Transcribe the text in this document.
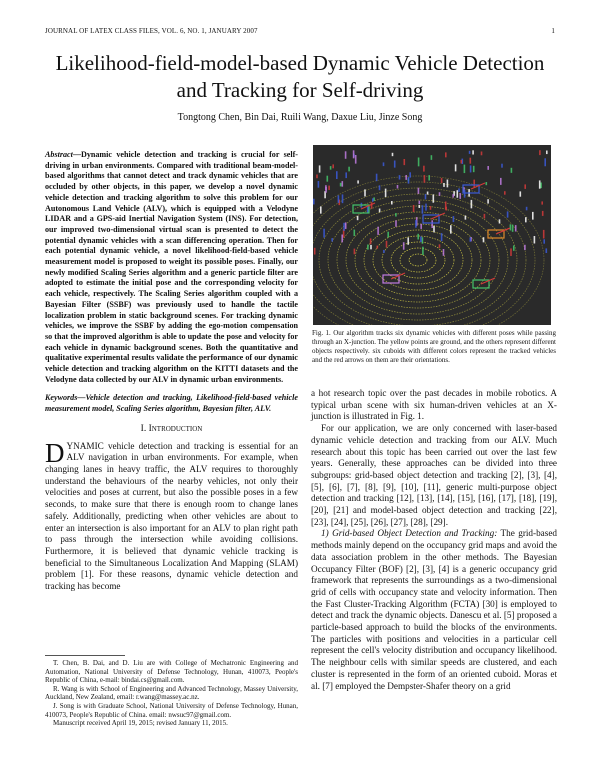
JOURNAL OF LATEX CLASS FILES, VOL. 6, NO. 1, JANUARY 2007	1
Likelihood-field-model-based Dynamic Vehicle Detection and Tracking for Self-driving
Tongtong Chen, Bin Dai, Ruili Wang, Daxue Liu, Jinze Song

Abstract—Dynamic vehicle detection and tracking is crucial for self-driving in urban environments. Compared with traditional beam-model-based algorithms that cannot detect and track dynamic vehicles that are occluded by other objects, in this paper, we develop a novel dynamic vehicle detection and tracking algorithm to solve this problem for our Autonomous Land Vehicle (ALV), which is equipped with a Velodyne LIDAR and a GPS-aid Inertial Navigation System (INS). For detection, our improved two-dimensional virtual scan is presented to detect the potential dynamic vehicles with a scan differencing operation. Then for each potential dynamic vehicle, a novel likelihood-field-based vehicle measurement model is proposed to weight its possible poses. Finally, our newly modified Scaling Series algorithm and a generic particle filter are adopted to estimate the initial pose and the corresponding velocity for each vehicle, respectively. The Scaling Series algorithm coupled with a Bayesian Filter (SSBF) was previously used to handle the tactile localization problem in static background scenes. For tracking dynamic vehicles, we improve the SSBF by adding the ego-motion compensation so that the improved algorithm is able to update the pose and velocity for each vehicle in dynamic background scenes. Both the quantitative and qualitative experimental results validate the performance of our dynamic vehicle detection and tracking algorithm on the KITTI datasets and the Velodyne data collected by our ALV in dynamic urban environments.

Keywords—Vehicle detection and tracking, Likelihood-field-based vehicle measurement model, Scaling Series algorithm, Bayesian filter, ALV.

I. Introduction

DYNAMIC vehicle detection and tracking is essential for an ALV navigation in urban environments. For example, when changing lanes in heavy traffic, the ALV requires to thoroughly understand the behaviours of the nearby vehicles, not only their velocities and poses at current, but also the possible poses in a few seconds, to make sure that there is enough room to change lanes safely. Additionally, predicting when other vehicles are about to enter an intersection is also important for an ALV to plan right path to pass through the intersection while avoiding collisions. Furthermore, it is believed that dynamic vehicle tracking is beneficial to the Simultaneous Localization And Mapping (SLAM) problem [1]. For these reasons, dynamic vehicle detection and tracking has become

T. Chen, B. Dai, and D. Liu are with College of Mechatronic Engineering and Automation, National University of Defense Technology, Hunan, 410073, People's Republic of China, e-mail: bindai.cs@gmail.com.

R. Wang is with School of Engineering and Advanced Technology, Massey University, Auckland, New Zealand, email: r.wang@massey.ac.nz.

J. Song is with Graduate School, National University of Defense Technology, Hunan, 410073, People's Republic of China. email: nwsuc97@gmail.com.

Manuscript received April 19, 2015; revised January 11, 2015.

Fig. 1. Our algorithm tracks six dynamic vehicles with different poses while passing through an X-junction. The yellow points are ground, and the others represent different objects respectively. six cuboids with different colors represent the tracked vehicles and the red arrows on them are their orientations.

a hot research topic over the past decades in mobile robotics. A typical urban scene with six human-driven vehicles at an X-junction is illustrated in Fig. 1.

For our application, we are only concerned with laser-based dynamic vehicle detection and tracking from our ALV. Much research about this topic has been carried out over the last few years. Generally, these approaches can be divided into three subgroups: grid-based object detection and tracking [2], [3], [4], [5], [6], [7], [8], [9], [10], [11], generic multi-purpose object detection and tracking [12], [13], [14], [15], [16], [17], [18], [19], [20], [21] and model-based object detection and tracking [22], [23], [24], [25], [26], [27], [28], [29].

1) Grid-based Object Detection and Tracking: The grid-based methods mainly depend on the occupancy grid maps and avoid the data association problem in the other methods. The Bayesian Occupancy Filter (BOF) [2], [3], [4] is a generic occupancy grid framework that represents the surroundings as a two-dimensional grid of cells with occupancy state and velocity information. Then the Fast Cluster-Tracking Algorithm (FCTA) [30] is employed to detect and track the dynamic objects. Danescu et al. [5] proposed a particle-based approach to build the blocks of the environments. The particles with positions and velocities in a particular cell represent the cell's velocity distribution and occupancy likelihood. The neighbour cells with similar speeds are clustered, and each cluster is represented in the form of an oriented cuboid. Moras et al. [7] employed the Dempster-Shafer theory on a grid
